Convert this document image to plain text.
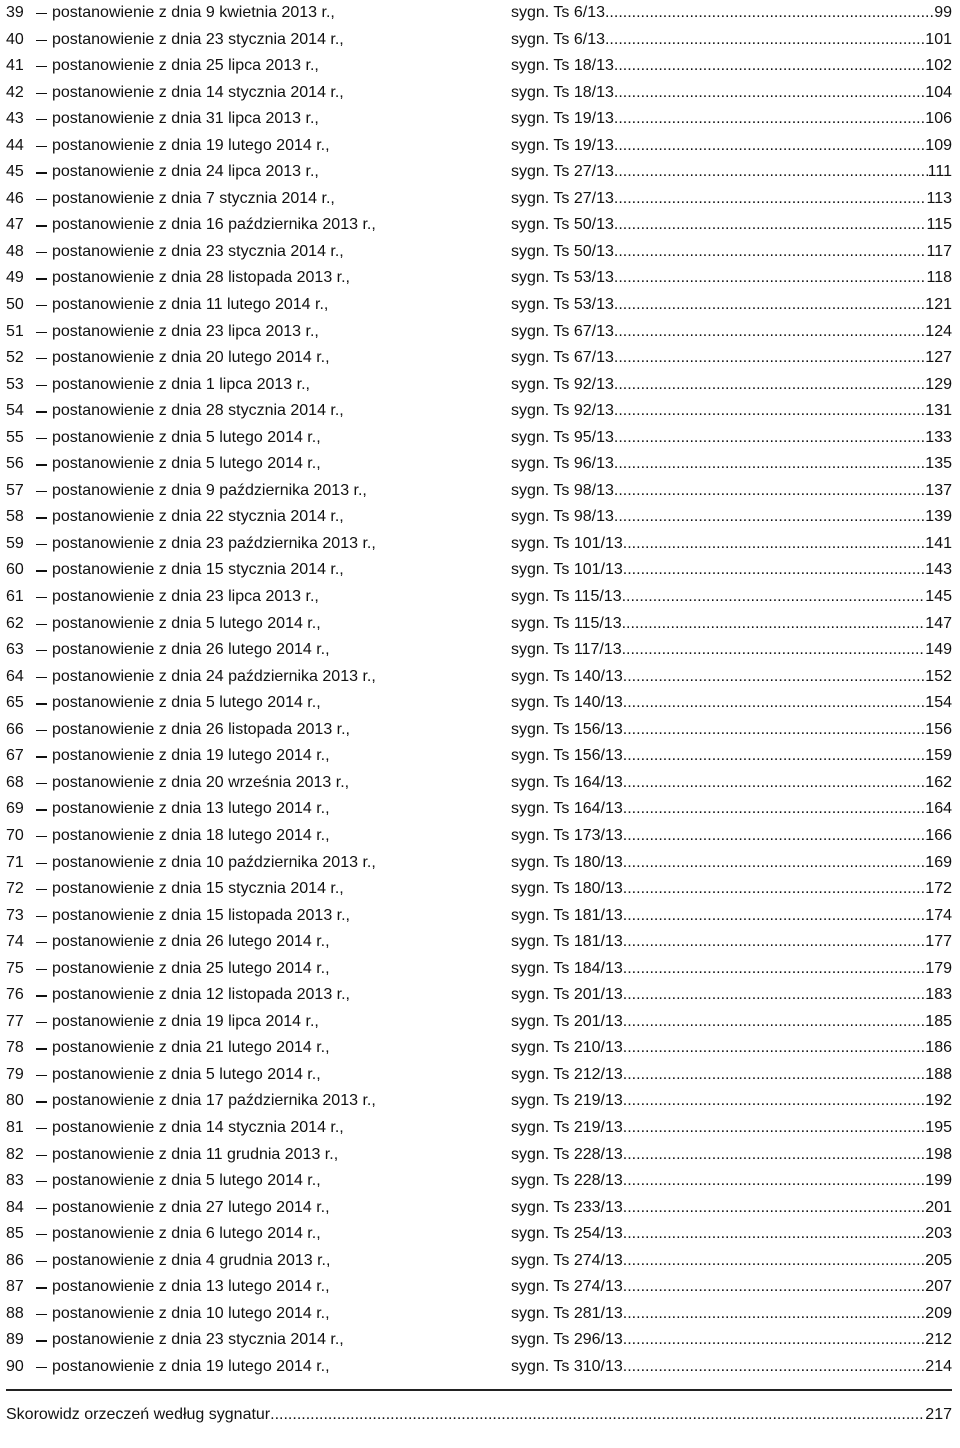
39	postanowienie z dnia 9 kwietnia 2013 r.,	sygn. Ts 6/13 .....	99
40	postanowienie z dnia 23 stycznia 2014 r.,	sygn. Ts 6/13 .....	101
41	postanowienie z dnia 25 lipca 2013 r.,	sygn. Ts 18/13 .....	102
42	postanowienie z dnia 14 stycznia 2014 r.,	sygn. Ts 18/13 .....	104
43	postanowienie z dnia 31 lipca 2013 r.,	sygn. Ts 19/13 .....	106
44	postanowienie z dnia 19 lutego 2014 r.,	sygn. Ts 19/13 .....	109
45	postanowienie z dnia 24 lipca 2013 r.,	sygn. Ts 27/13 .....	111
46	postanowienie z dnia 7 stycznia 2014 r.,	sygn. Ts 27/13 .....	113
47	postanowienie z dnia 16 października 2013 r.,	sygn. Ts 50/13 .....	115
48	postanowienie z dnia 23 stycznia 2014 r.,	sygn. Ts 50/13 .....	117
49	postanowienie z dnia 28 listopada 2013 r.,	sygn. Ts 53/13 .....	118
50	postanowienie z dnia 11 lutego 2014 r.,	sygn. Ts 53/13 .....	121
51	postanowienie z dnia 23 lipca 2013 r.,	sygn. Ts 67/13 .....	124
52	postanowienie z dnia 20 lutego 2014 r.,	sygn. Ts 67/13 .....	127
53	postanowienie z dnia 1 lipca 2013 r.,	sygn. Ts 92/13 .....	129
54	postanowienie z dnia 28 stycznia 2014 r.,	sygn. Ts 92/13 .....	131
55	postanowienie z dnia 5 lutego 2014 r.,	sygn. Ts 95/13 .....	133
56	postanowienie z dnia 5 lutego 2014 r.,	sygn. Ts 96/13 .....	135
57	postanowienie z dnia 9 października 2013 r.,	sygn. Ts 98/13 .....	137
58	postanowienie z dnia 22 stycznia 2014 r.,	sygn. Ts 98/13 .....	139
59	postanowienie z dnia 23 października 2013 r.,	sygn. Ts 101/13 .....	141
60	postanowienie z dnia 15 stycznia 2014 r.,	sygn. Ts 101/13 .....	143
61	postanowienie z dnia 23 lipca 2013 r.,	sygn. Ts 115/13 .....	145
62	postanowienie z dnia 5 lutego 2014 r.,	sygn. Ts 115/13 .....	147
63	postanowienie z dnia 26 lutego 2014 r.,	sygn. Ts 117/13 .....	149
64	postanowienie z dnia 24 października 2013 r.,	sygn. Ts 140/13 .....	152
65	postanowienie z dnia 5 lutego 2014 r.,	sygn. Ts 140/13 .....	154
66	postanowienie z dnia 26 listopada 2013 r.,	sygn. Ts 156/13 .....	156
67	postanowienie z dnia 19 lutego 2014 r.,	sygn. Ts 156/13 .....	159
68	postanowienie z dnia 20 września 2013 r.,	sygn. Ts 164/13 .....	162
69	postanowienie z dnia 13 lutego 2014 r.,	sygn. Ts 164/13 .....	164
70	postanowienie z dnia 18 lutego 2014 r.,	sygn. Ts 173/13 .....	166
71	postanowienie z dnia 10 października 2013 r.,	sygn. Ts 180/13 .....	169
72	postanowienie z dnia 15 stycznia 2014 r.,	sygn. Ts 180/13 .....	172
73	postanowienie z dnia 15 listopada 2013 r.,	sygn. Ts 181/13 .....	174
74	postanowienie z dnia 26 lutego 2014 r.,	sygn. Ts 181/13 .....	177
75	postanowienie z dnia 25 lutego 2014 r.,	sygn. Ts 184/13 .....	179
76	postanowienie z dnia 12 listopada 2013 r.,	sygn. Ts 201/13 .....	183
77	postanowienie z dnia 19 lipca 2014 r.,	sygn. Ts 201/13 .....	185
78	postanowienie z dnia 21 lutego 2014 r.,	sygn. Ts 210/13 .....	186
79	postanowienie z dnia 5 lutego 2014 r.,	sygn. Ts 212/13 .....	188
80	postanowienie z dnia 17 października 2013 r.,	sygn. Ts 219/13 .....	192
81	postanowienie z dnia 14 stycznia 2014 r.,	sygn. Ts 219/13 .....	195
82	postanowienie z dnia 11 grudnia 2013 r.,	sygn. Ts 228/13 .....	198
83	postanowienie z dnia 5 lutego 2014 r.,	sygn. Ts 228/13 .....	199
84	postanowienie z dnia 27 lutego 2014 r.,	sygn. Ts 233/13 .....	201
85	postanowienie z dnia 6 lutego 2014 r.,	sygn. Ts 254/13 .....	203
86	postanowienie z dnia 4 grudnia 2013 r.,	sygn. Ts 274/13 .....	205
87	postanowienie z dnia 13 lutego 2014 r.,	sygn. Ts 274/13 .....	207
88	postanowienie z dnia 10 lutego 2014 r.,	sygn. Ts 281/13 .....	209
89	postanowienie z dnia 23 stycznia 2014 r.,	sygn. Ts 296/13 .....	212
90	postanowienie z dnia 19 lutego 2014 r.,	sygn. Ts 310/13 .....	214
Skorowidz orzeczeń według sygnatur .....	217
